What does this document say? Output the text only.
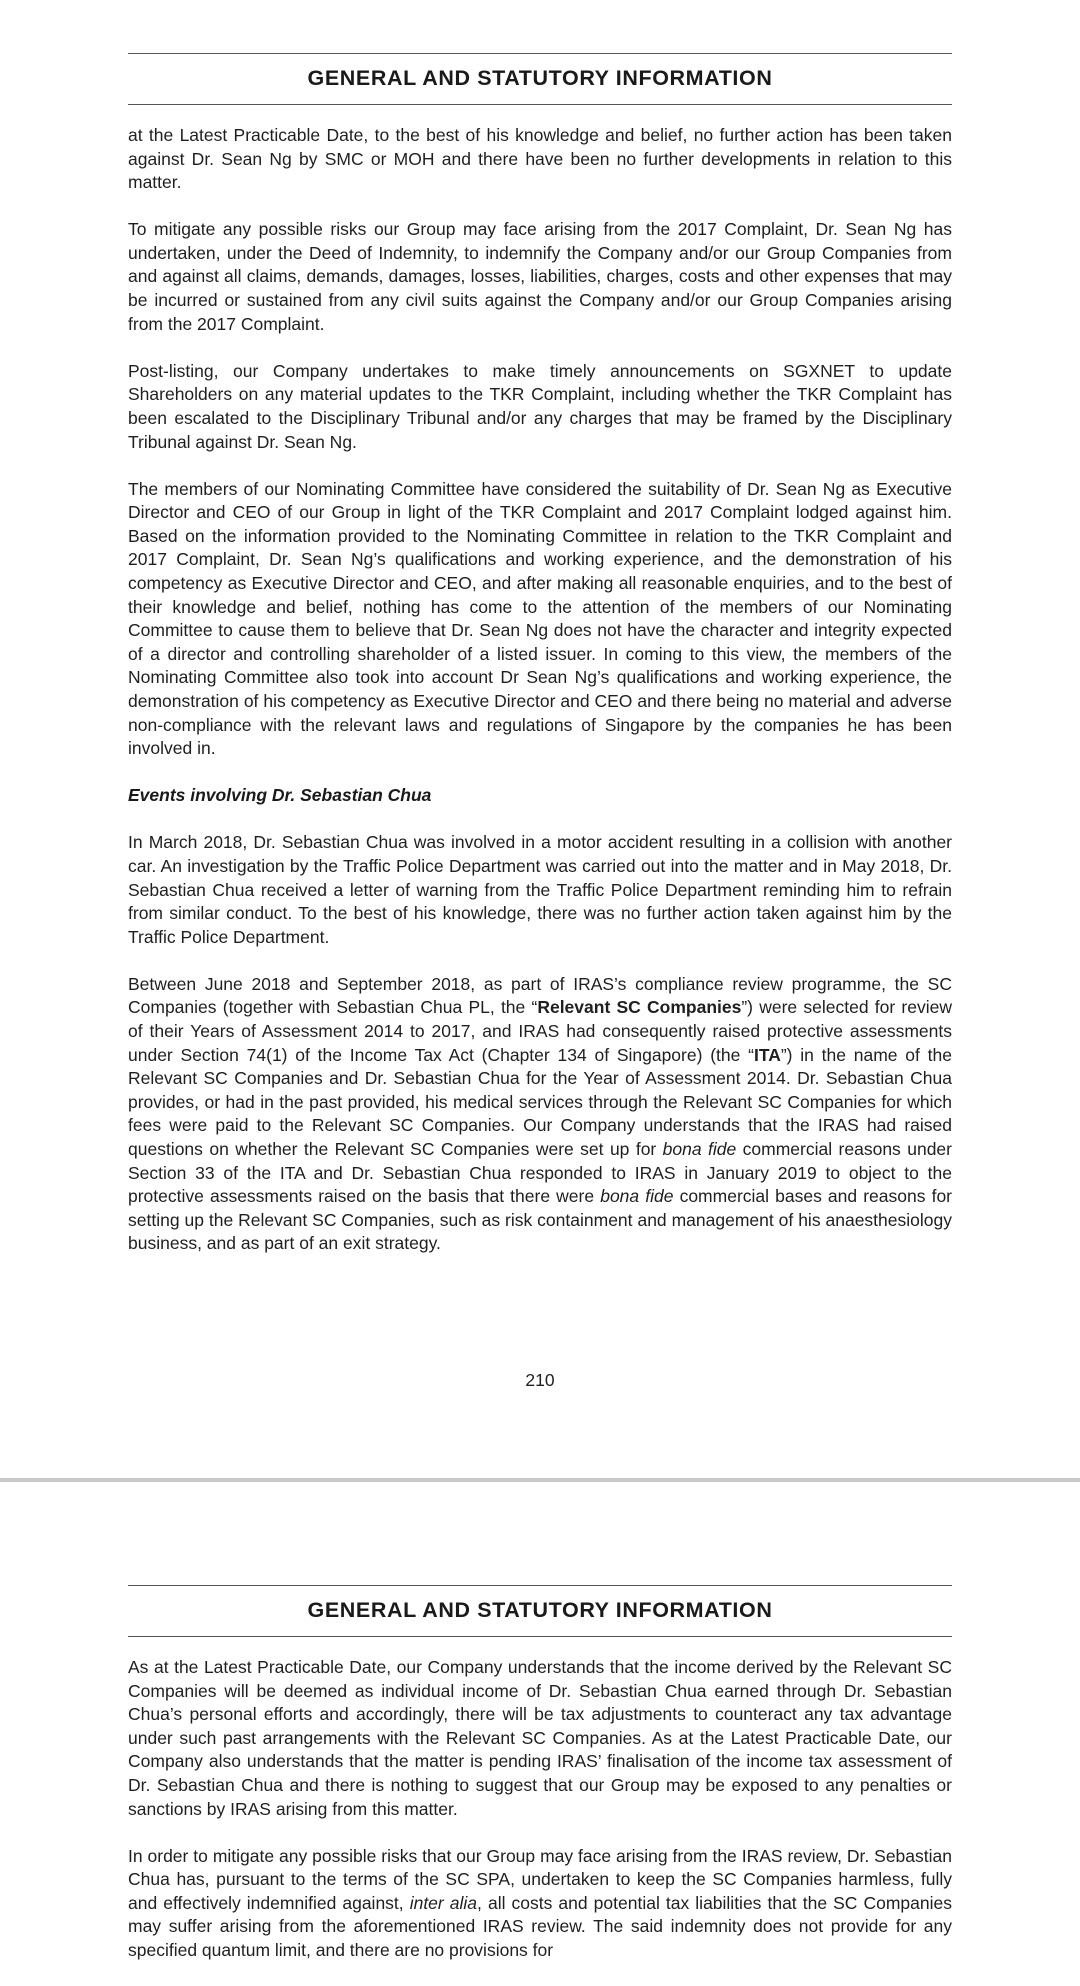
GENERAL AND STATUTORY INFORMATION

at the Latest Practicable Date, to the best of his knowledge and belief, no further action has been taken against Dr. Sean Ng by SMC or MOH and there have been no further developments in relation to this matter.

To mitigate any possible risks our Group may face arising from the 2017 Complaint, Dr. Sean Ng has undertaken, under the Deed of Indemnity, to indemnify the Company and/or our Group Companies from and against all claims, demands, damages, losses, liabilities, charges, costs and other expenses that may be incurred or sustained from any civil suits against the Company and/or our Group Companies arising from the 2017 Complaint.

Post-listing, our Company undertakes to make timely announcements on SGXNET to update Shareholders on any material updates to the TKR Complaint, including whether the TKR Complaint has been escalated to the Disciplinary Tribunal and/or any charges that may be framed by the Disciplinary Tribunal against Dr. Sean Ng.

The members of our Nominating Committee have considered the suitability of Dr. Sean Ng as Executive Director and CEO of our Group in light of the TKR Complaint and 2017 Complaint lodged against him. Based on the information provided to the Nominating Committee in relation to the TKR Complaint and 2017 Complaint, Dr. Sean Ng’s qualifications and working experience, and the demonstration of his competency as Executive Director and CEO, and after making all reasonable enquiries, and to the best of their knowledge and belief, nothing has come to the attention of the members of our Nominating Committee to cause them to believe that Dr. Sean Ng does not have the character and integrity expected of a director and controlling shareholder of a listed issuer. In coming to this view, the members of the Nominating Committee also took into account Dr Sean Ng’s qualifications and working experience, the demonstration of his competency as Executive Director and CEO and there being no material and adverse non-compliance with the relevant laws and regulations of Singapore by the companies he has been involved in.

Events involving Dr. Sebastian Chua

In March 2018, Dr. Sebastian Chua was involved in a motor accident resulting in a collision with another car. An investigation by the Traffic Police Department was carried out into the matter and in May 2018, Dr. Sebastian Chua received a letter of warning from the Traffic Police Department reminding him to refrain from similar conduct. To the best of his knowledge, there was no further action taken against him by the Traffic Police Department.

Between June 2018 and September 2018, as part of IRAS’s compliance review programme, the SC Companies (together with Sebastian Chua PL, the “Relevant SC Companies”) were selected for review of their Years of Assessment 2014 to 2017, and IRAS had consequently raised protective assessments under Section 74(1) of the Income Tax Act (Chapter 134 of Singapore) (the “ITA”) in the name of the Relevant SC Companies and Dr. Sebastian Chua for the Year of Assessment 2014. Dr. Sebastian Chua provides, or had in the past provided, his medical services through the Relevant SC Companies for which fees were paid to the Relevant SC Companies. Our Company understands that the IRAS had raised questions on whether the Relevant SC Companies were set up for bona fide commercial reasons under Section 33 of the ITA and Dr. Sebastian Chua responded to IRAS in January 2019 to object to the protective assessments raised on the basis that there were bona fide commercial bases and reasons for setting up the Relevant SC Companies, such as risk containment and management of his anaesthesiology business, and as part of an exit strategy.

210
GENERAL AND STATUTORY INFORMATION

As at the Latest Practicable Date, our Company understands that the income derived by the Relevant SC Companies will be deemed as individual income of Dr. Sebastian Chua earned through Dr. Sebastian Chua’s personal efforts and accordingly, there will be tax adjustments to counteract any tax advantage under such past arrangements with the Relevant SC Companies. As at the Latest Practicable Date, our Company also understands that the matter is pending IRAS’ finalisation of the income tax assessment of Dr. Sebastian Chua and there is nothing to suggest that our Group may be exposed to any penalties or sanctions by IRAS arising from this matter.

In order to mitigate any possible risks that our Group may face arising from the IRAS review, Dr. Sebastian Chua has, pursuant to the terms of the SC SPA, undertaken to keep the SC Companies harmless, fully and effectively indemnified against, inter alia, all costs and potential tax liabilities that the SC Companies may suffer arising from the aforementioned IRAS review. The said indemnity does not provide for any specified quantum limit, and there are no provisions for
